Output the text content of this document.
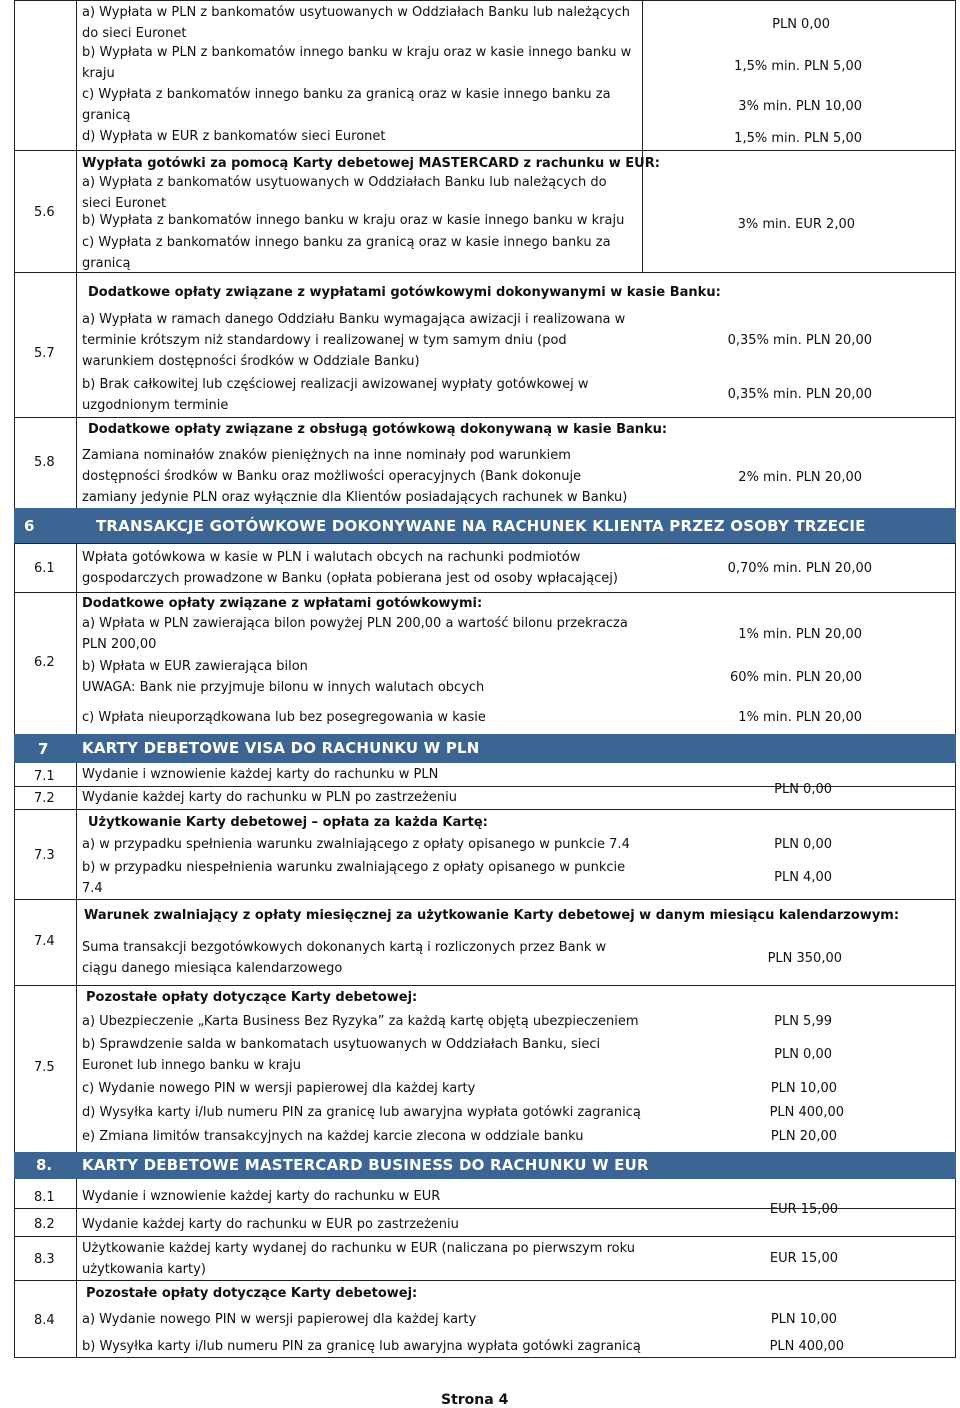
a) Wypłata w PLN z bankomatów usytuowanych w Oddziałach Banku lub należących do sieci Euronet
b) Wypłata w PLN z bankomatów innego banku w kraju oraz w kasie innego banku w kraju
c) Wypłata z bankomatów innego banku za granicą oraz w kasie innego banku za granicą
d) Wypłata w EUR z bankomatów sieci Euronet
PLN 0,00
1,5% min. PLN 5,00
3% min. PLN 10,00
1,5% min. PLN 5,00
5.6
Wypłata gotówki za pomocą Karty debetowej MASTERCARD z rachunku w EUR:
a) Wypłata z bankomatów usytuowanych w Oddziałach Banku lub należących do sieci Euronet
b) Wypłata z bankomatów innego banku w kraju oraz w kasie innego banku w kraju
c) Wypłata z bankomatów innego banku za granicą oraz w kasie innego banku za granicą
3% min. EUR 2,00
5.7
Dodatkowe opłaty związane z wypłatami gotówkowymi dokonywanymi w kasie Banku:
a) Wypłata w ramach danego Oddziału Banku wymagająca awizacji i realizowana w terminie krótszym niż standardowy i realizowanej w tym samym dniu (pod warunkiem dostępności środków w Oddziale Banku)
b) Brak całkowitej lub częściowej realizacji awizowanej wypłaty gotówkowej w uzgodnionym terminie
0,35% min. PLN 20,00
0,35% min. PLN 20,00
5.8
Dodatkowe opłaty związane z obsługą gotówkową dokonywaną w kasie Banku:
Zamiana nominałów znaków pieniężnych na inne nominały pod warunkiem dostępności środków w Banku oraz możliwości operacyjnych (Bank dokonuje zamiany jedynie PLN oraz wyłącznie dla Klientów posiadających rachunek w Banku)
2% min. PLN 20,00
6	TRANSAKCJE GOTÓWKOWE DOKONYWANE NA RACHUNEK KLIENTA PRZEZ OSOBY TRZECIE
6.1
Wpłata gotówkowa w kasie w PLN i walutach obcych na rachunki podmiotów gospodarczych prowadzone w Banku (opłata pobierana jest od osoby wpłacającej)
0,70% min. PLN 20,00
6.2
Dodatkowe opłaty związane z wpłatami gotówkowymi:
a) Wpłata w PLN zawierająca bilon powyżej PLN 200,00 a wartość bilonu przekracza PLN 200,00
b) Wpłata w EUR zawierająca bilon
UWAGA: Bank nie przyjmuje bilonu w innych walutach obcych
c) Wpłata nieuporządkowana lub bez posegregowania w kasie
1% min. PLN 20,00
60% min. PLN 20,00
1% min. PLN 20,00
7 KARTY DEBETOWE VISA DO RACHUNKU W PLN
7.1 Wydanie i wznowienie każdej karty do rachunku w PLN
7.2 Wydanie każdej karty do rachunku w PLN po zastrzeżeniu
PLN 0,00
7.3
Użytkowanie Karty debetowej – opłata za każda Kartę:
a) w przypadku spełnienia warunku zwalniającego z opłaty opisanego w punkcie 7.4
b) w przypadku niespełnienia warunku zwalniającego z opłaty opisanego w punkcie 7.4
PLN 0,00
PLN 4,00
7.4
Warunek zwalniający z opłaty miesięcznej za użytkowanie Karty debetowej w danym miesiącu kalendarzowym:
Suma transakcji bezgotówkowych dokonanych kartą i rozliczonych przez Bank w ciągu danego miesiąca kalendarzowego
PLN 350,00
7.5
Pozostałe opłaty dotyczące Karty debetowej:
a) Ubezpieczenie „Karta Business Bez Ryzyka” za każdą kartę objętą ubezpieczeniem
b) Sprawdzenie salda w bankomatach usytuowanych w Oddziałach Banku, sieci Euronet lub innego banku w kraju
c) Wydanie nowego PIN w wersji papierowej dla każdej karty
d) Wysyłka karty i/lub numeru PIN za granicę lub awaryjna wypłata gotówki zagranicą
e) Zmiana limitów transakcyjnych na każdej karcie zlecona w oddziale banku
PLN 5,99
PLN 0,00
PLN 10,00
PLN 400,00
PLN 20,00
8. KARTY DEBETOWE MASTERCARD BUSINESS DO RACHUNKU W EUR
8.1 Wydanie i wznowienie każdej karty do rachunku w EUR
8.2 Wydanie każdej karty do rachunku w EUR po zastrzeżeniu
EUR 15,00
8.3
Użytkowanie każdej karty wydanej do rachunku w EUR (naliczana po pierwszym roku użytkowania karty)
EUR 15,00
8.4
Pozostałe opłaty dotyczące Karty debetowej:
a) Wydanie nowego PIN w wersji papierowej dla każdej karty
b) Wysyłka karty i/lub numeru PIN za granicę lub awaryjna wypłata gotówki zagranicą
PLN 10,00
PLN 400,00
Strona 4
